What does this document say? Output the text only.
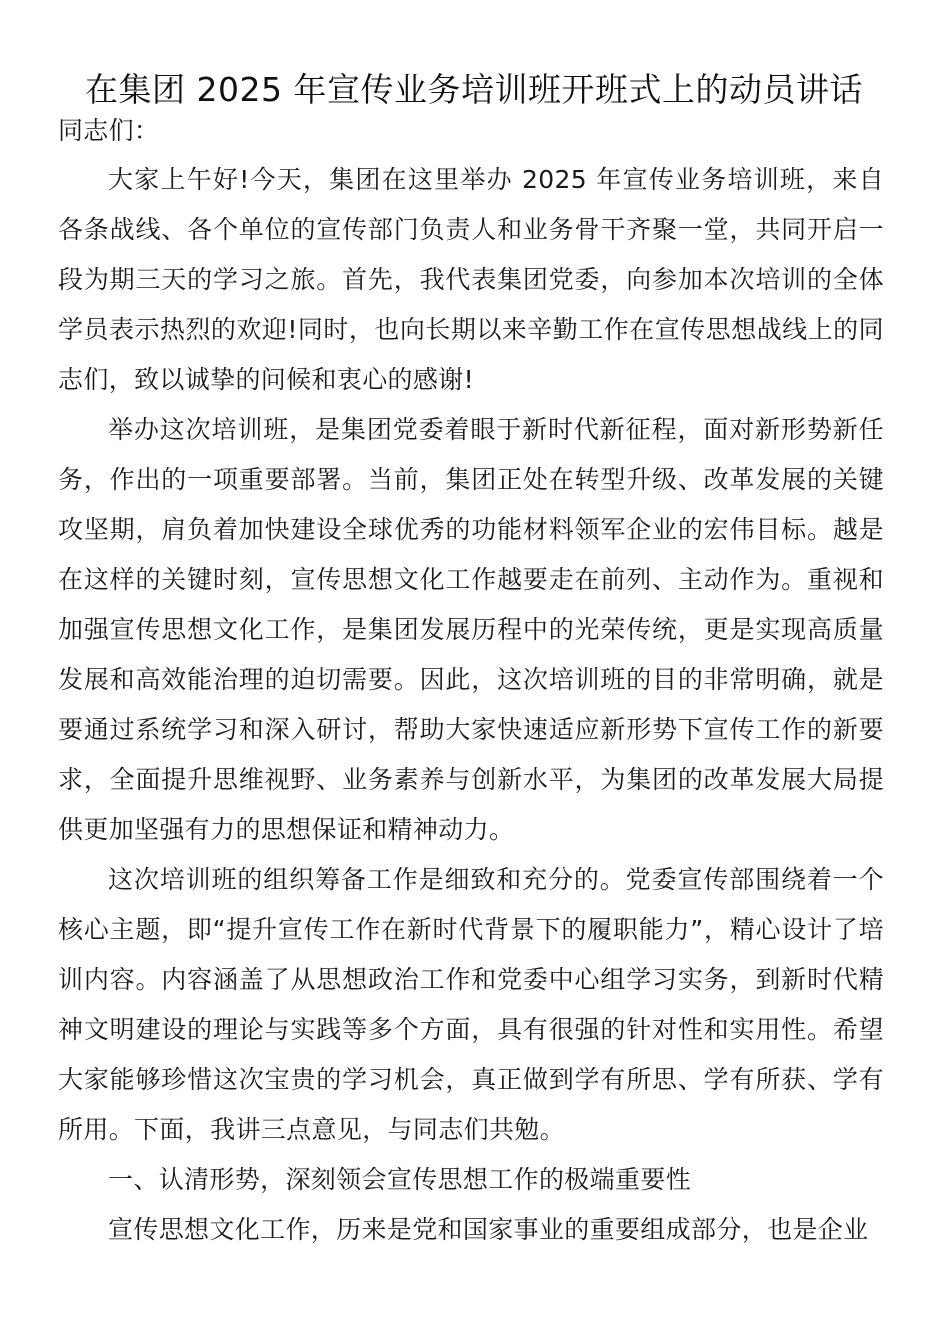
在集团 2025 年宣传业务培训班开班式上的动员讲话

同志们：

大家上午好!今天，集团在这里举办 2025 年宣传业务培训班，来自各条战线、各个单位的宣传部门负责人和业务骨干齐聚一堂，共同开启一段为期三天的学习之旅。首先，我代表集团党委，向参加本次培训的全体学员表示热烈的欢迎!同时，也向长期以来辛勤工作在宣传思想战线上的同志们，致以诚挚的问候和衷心的感谢!

举办这次培训班，是集团党委着眼于新时代新征程，面对新形势新任务，作出的一项重要部署。当前，集团正处在转型升级、改革发展的关键攻坚期，肩负着加快建设全球优秀的功能材料领军企业的宏伟目标。越是在这样的关键时刻，宣传思想文化工作越要走在前列、主动作为。重视和加强宣传思想文化工作，是集团发展历程中的光荣传统，更是实现高质量发展和高效能治理的迫切需要。因此，这次培训班的目的非常明确，就是要通过系统学习和深入研讨，帮助大家快速适应新形势下宣传工作的新要求，全面提升思维视野、业务素养与创新水平，为集团的改革发展大局提供更加坚强有力的思想保证和精神动力。

这次培训班的组织筹备工作是细致和充分的。党委宣传部围绕着一个核心主题，即“提升宣传工作在新时代背景下的履职能力”，精心设计了培训内容。内容涵盖了从思想政治工作和党委中心组学习实务，到新时代精神文明建设的理论与实践等多个方面，具有很强的针对性和实用性。希望大家能够珍惜这次宝贵的学习机会，真正做到学有所思、学有所获、学有所用。下面，我讲三点意见，与同志们共勉。

一、认清形势，深刻领会宣传思想工作的极端重要性

宣传思想文化工作，历来是党和国家事业的重要组成部分，也是企业
